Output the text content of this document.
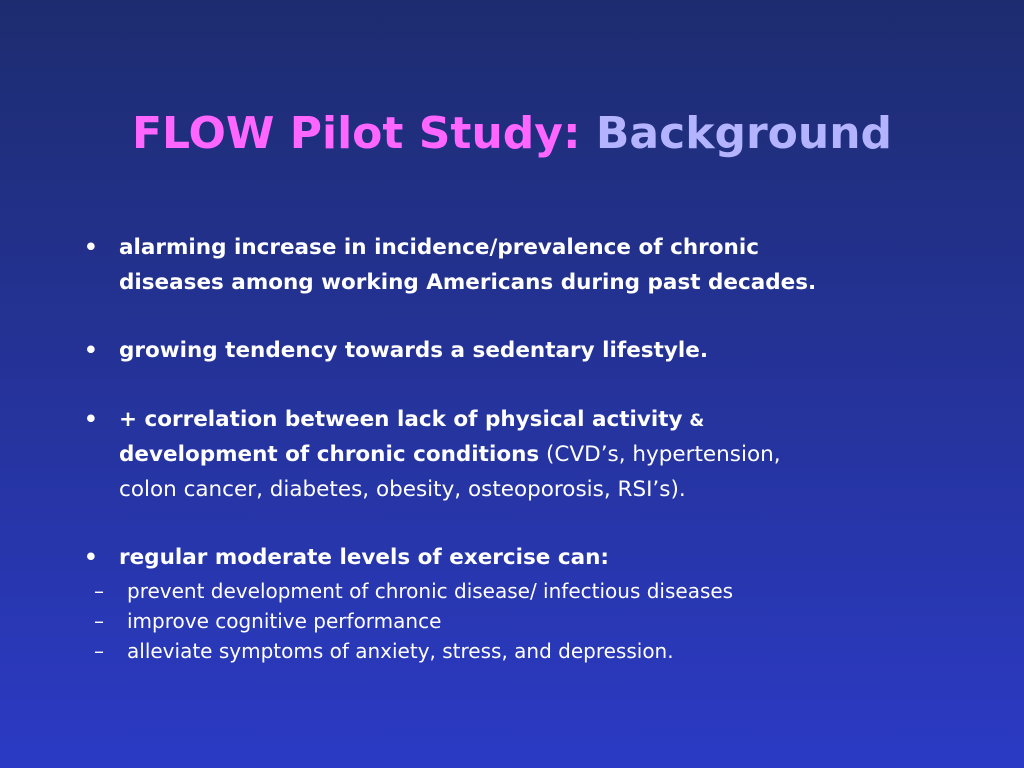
FLOW Pilot Study: Background
• alarming increase in incidence/prevalence of chronic
diseases among working Americans during past decades.
• growing tendency towards a sedentary lifestyle.
• + correlation between lack of physical activity &
development of chronic conditions (CVD’s, hypertension,
colon cancer, diabetes, obesity, osteoporosis, RSI’s).
• regular moderate levels of exercise can:
– prevent development of chronic disease/ infectious diseases
– improve cognitive performance
– alleviate symptoms of anxiety, stress, and depression.
